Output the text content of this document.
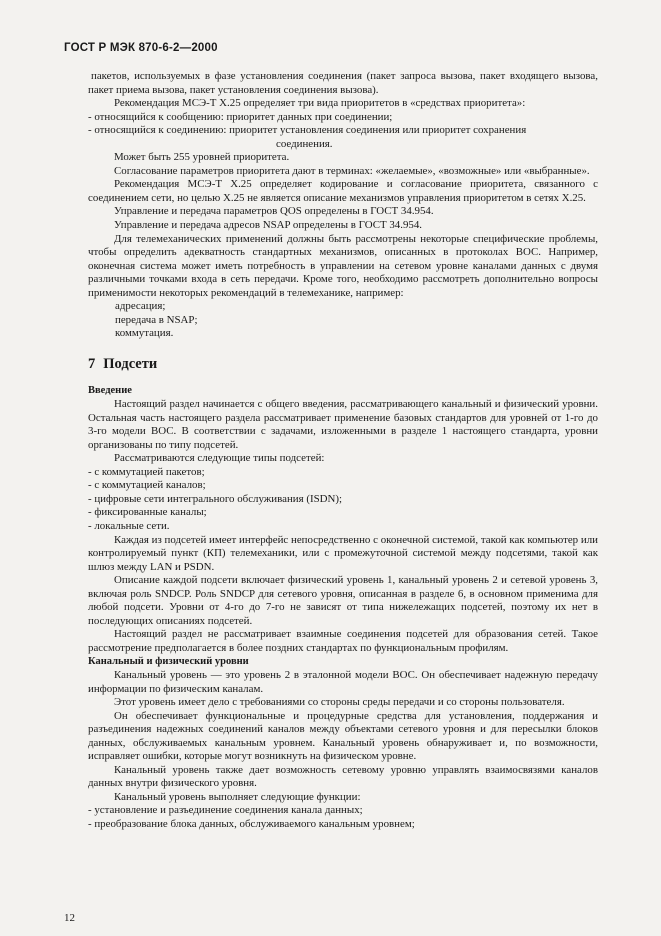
ГОСТ Р МЭК 870-6-2—2000

пакетов, используемых в фазе установления соединения (пакет запроса вызова, пакет входящего вызова, пакет приема вызова, пакет установления соединения вызова).

Рекомендация МСЭ-Т X.25 определяет три вида приоритетов в «средствах приоритета»:

- относящийся к сообщению: приоритет данных при соединении;

- относящийся к соединению: приоритет установления соединения или приоритет сохранения

соединения.

Может быть 255 уровней приоритета.

Согласование параметров приоритета дают в терминах: «желаемые», «возможные» или «выбранные».

Рекомендация МСЭ-Т X.25 определяет кодирование и согласование приоритета, связанного с соединением сети, но целью X.25 не является описание механизмов управления приоритетом в сетях X.25.

Управление и передача параметров QOS определены в ГОСТ 34.954.

Управление и передача адресов NSAP определены в ГОСТ 34.954.

Для телемеханических применений должны быть рассмотрены некоторые специфические проблемы, чтобы определить адекватность стандартных механизмов, описанных в протоколах ВОС. Например, оконечная система может иметь потребность в управлении на сетевом уровне каналами данных с двумя различными точками входа в сеть передачи. Кроме того, необходимо рассмотреть дополнительно вопросы применимости некоторых рекомендаций в телемеханике, например:

адресация;

передача в NSAP;

коммутация.

7 Подсети

Введение

Настоящий раздел начинается с общего введения, рассматривающего канальный и физический уровни. Остальная часть настоящего раздела рассматривает применение базовых стандартов для уровней от 1-го до 3-го модели ВОС. В соответствии с задачами, изложенными в разделе 1 настоящего стандарта, уровни организованы по типу подсетей.

Рассматриваются следующие типы подсетей:

- с коммутацией пакетов;

- с коммутацией каналов;

- цифровые сети интегрального обслуживания (ISDN);

- фиксированные каналы;

- локальные сети.

Каждая из подсетей имеет интерфейс непосредственно с оконечной системой, такой как компьютер или контролируемый пункт (КП) телемеханики, или с промежуточной системой между подсетями, такой как шлюз между LAN и PSDN.

Описание каждой подсети включает физический уровень 1, канальный уровень 2 и сетевой уровень 3, включая роль SNDCP. Роль SNDCP для сетевого уровня, описанная в разделе 6, в основном применима для любой подсети. Уровни от 4-го до 7-го не зависят от типа нижележащих подсетей, поэтому их нет в последующих описаниях подсетей.

Настоящий раздел не рассматривает взаимные соединения подсетей для образования сетей. Такое рассмотрение предполагается в более поздних стандартах по функциональным профилям.

Канальный и физический уровни

Канальный уровень — это уровень 2 в эталонной модели ВОС. Он обеспечивает надежную передачу информации по физическим каналам.

Этот уровень имеет дело с требованиями со стороны среды передачи и со стороны пользователя.

Он обеспечивает функциональные и процедурные средства для установления, поддержания и разъединения надежных соединений каналов между объектами сетевого уровня и для пересылки блоков данных, обслуживаемых канальным уровнем. Канальный уровень обнаруживает и, по возможности, исправляет ошибки, которые могут возникнуть на физическом уровне.

Канальный уровень также дает возможность сетевому уровню управлять взаимосвязями каналов данных внутри физического уровня.

Канальный уровень выполняет следующие функции:

- установление и разъединение соединения канала данных;

- преобразование блока данных, обслуживаемого канальным уровнем;

12
